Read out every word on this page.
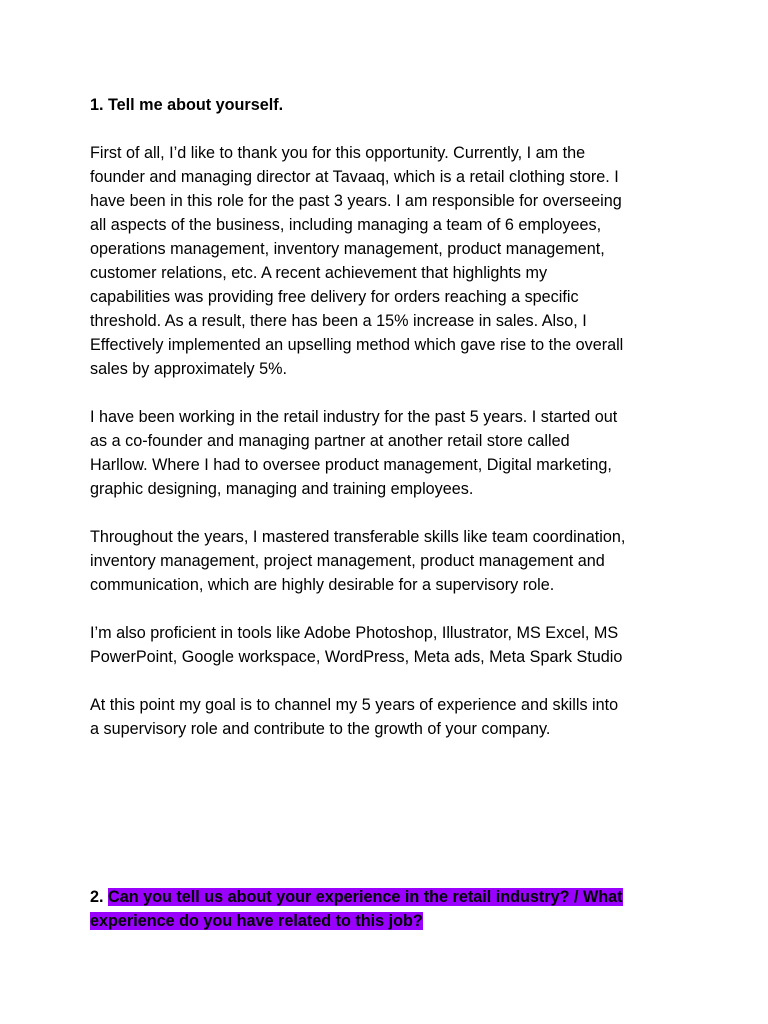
1. Tell me about yourself.

First of all, I’d like to thank you for this opportunity. Currently, I am the
founder and managing director at Tavaaq, which is a retail clothing store. I
have been in this role for the past 3 years. I am responsible for overseeing
all aspects of the business, including managing a team of 6 employees,
operations management, inventory management, product management,
customer relations, etc. A recent achievement that highlights my
capabilities was providing free delivery for orders reaching a specific
threshold. As a result, there has been a 15% increase in sales. Also, I
Effectively implemented an upselling method which gave rise to the overall
sales by approximately 5%.

I have been working in the retail industry for the past 5 years. I started out
as a co-founder and managing partner at another retail store called
Harllow. Where I had to oversee product management, Digital marketing,
graphic designing, managing and training employees.

Throughout the years, I mastered transferable skills like team coordination,
inventory management, project management, product management and
communication, which are highly desirable for a supervisory role.

I’m also proficient in tools like Adobe Photoshop, Illustrator, MS Excel, MS
PowerPoint, Google workspace, WordPress, Meta ads, Meta Spark Studio

At this point my goal is to channel my 5 years of experience and skills into
a supervisory role and contribute to the growth of your company.

2. Can you tell us about your experience in the retail industry? / What
experience do you have related to this job?
